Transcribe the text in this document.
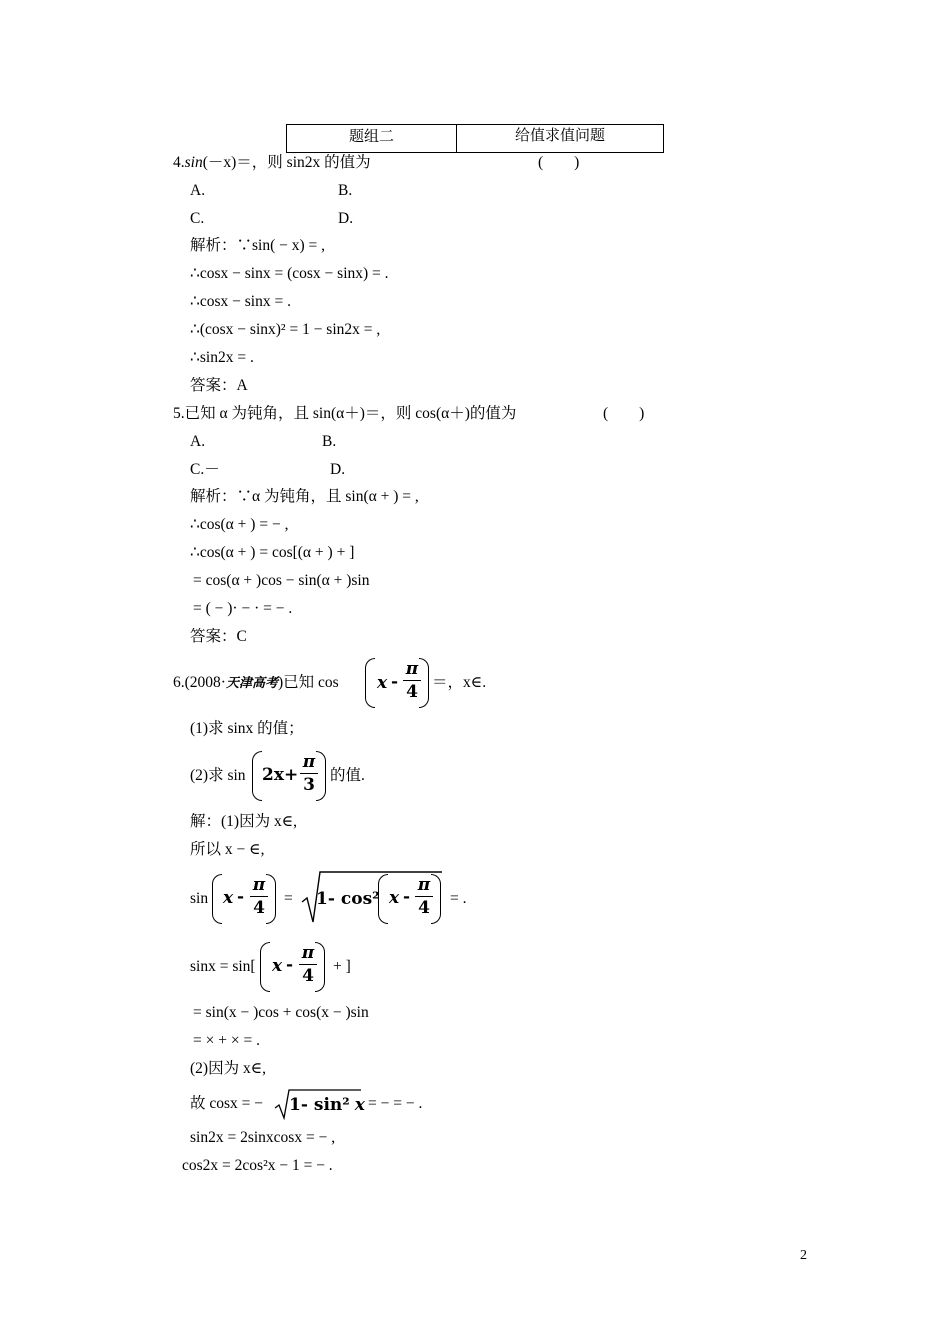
题组二	给值求值问题
4.sin(－x)＝，则 sin2x 的值为	(　　)
A.	B.
C.	D.
解析：∵sin( − x) = ,
∴cosx − sinx = (cosx − sinx) = .
∴cosx − sinx = .
∴(cosx − sinx)² = 1 − sin2x = ,
∴sin2x = .
答案：A
5.已知 α 为钝角，且 sin(α＋)＝，则 cos(α＋)的值为	(　　)
A.	B.
C.－	D.
解析：∵α 为钝角，且 sin(α + ) = ,
∴cos(α + ) = − ,
∴cos(α + ) = cos[(α + ) + ]
= cos(α + )cos − sin(α + )sin
= ( − )· − · = − .
答案：C
6.(2008·天津高考)已知 cos x -
π
4 ＝，x∈.
(1)求 sinx 的值；
(2)求 sin 2x+
π
3 的值.
解：(1)因为 x∈,
所以 x − ∈,
sin x -
π
4 = 1- cos² x -
π
4 = .
sinx = sin[ x -
π
4 + ]
= sin(x − )cos + cos(x − )sin
= × + × = .
(2)因为 x∈,
故 cosx = − 1- sin² x = − = − .
sin2x = 2sinxcosx = − ,
cos2x = 2cos²x − 1 = − .
2
